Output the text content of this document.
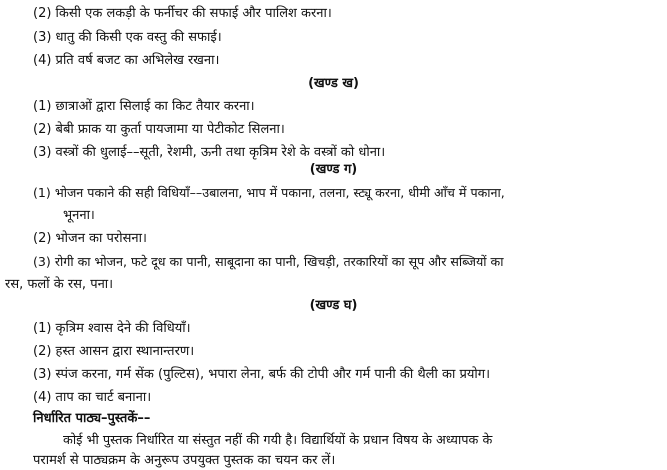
(2) किसी एक लकड़ी के फर्नीचर की सफाई और पालिश करना।
(3) धातु की किसी एक वस्तु की सफाई।
(4) प्रति वर्ष बजट का अभिलेख रखना।
(खण्ड ख)
(1) छात्राओं द्वारा सिलाई का किट तैयार करना।
(2) बेबी फ्राक या कुर्ता पायजामा या पेटीकोट सिलना।
(3) वस्त्रों की धुलाई––सूती, रेशमी, ऊनी तथा कृत्रिम रेशे के वस्त्रों को धोना।
(खण्ड ग)
(1) भोजन पकाने की सही विधियाँ––उबालना, भाप में पकाना, तलना, स्ट्यू करना, धीमी आँच में पकाना,
भूनना।
(2) भोजन का परोसना।
(3) रोगी का भोजन, फटे दूध का पानी, साबूदाना का पानी, खिचड़ी, तरकारियों का सूप और सब्जियों का
रस, फलों के रस, पना।
(खण्ड घ)
(1) कृत्रिम श्वास देने की विधियाँ।
(2) हस्त आसन द्वारा स्थानान्तरण।
(3) स्पंज करना, गर्म सेंक (पुल्टिस), भपारा लेना, बर्फ की टोपी और गर्म पानी की थैली का प्रयोग।
(4) ताप का चार्ट बनाना।
निर्धारित पाठ्य–पुस्तकें––
कोई भी पुस्तक निर्धारित या संस्तुत नहीं की गयी है। विद्यार्थियों के प्रधान विषय के अध्यापक के
परामर्श से पाठ्यक्रम के अनुरूप उपयुक्त पुस्तक का चयन कर लें।
